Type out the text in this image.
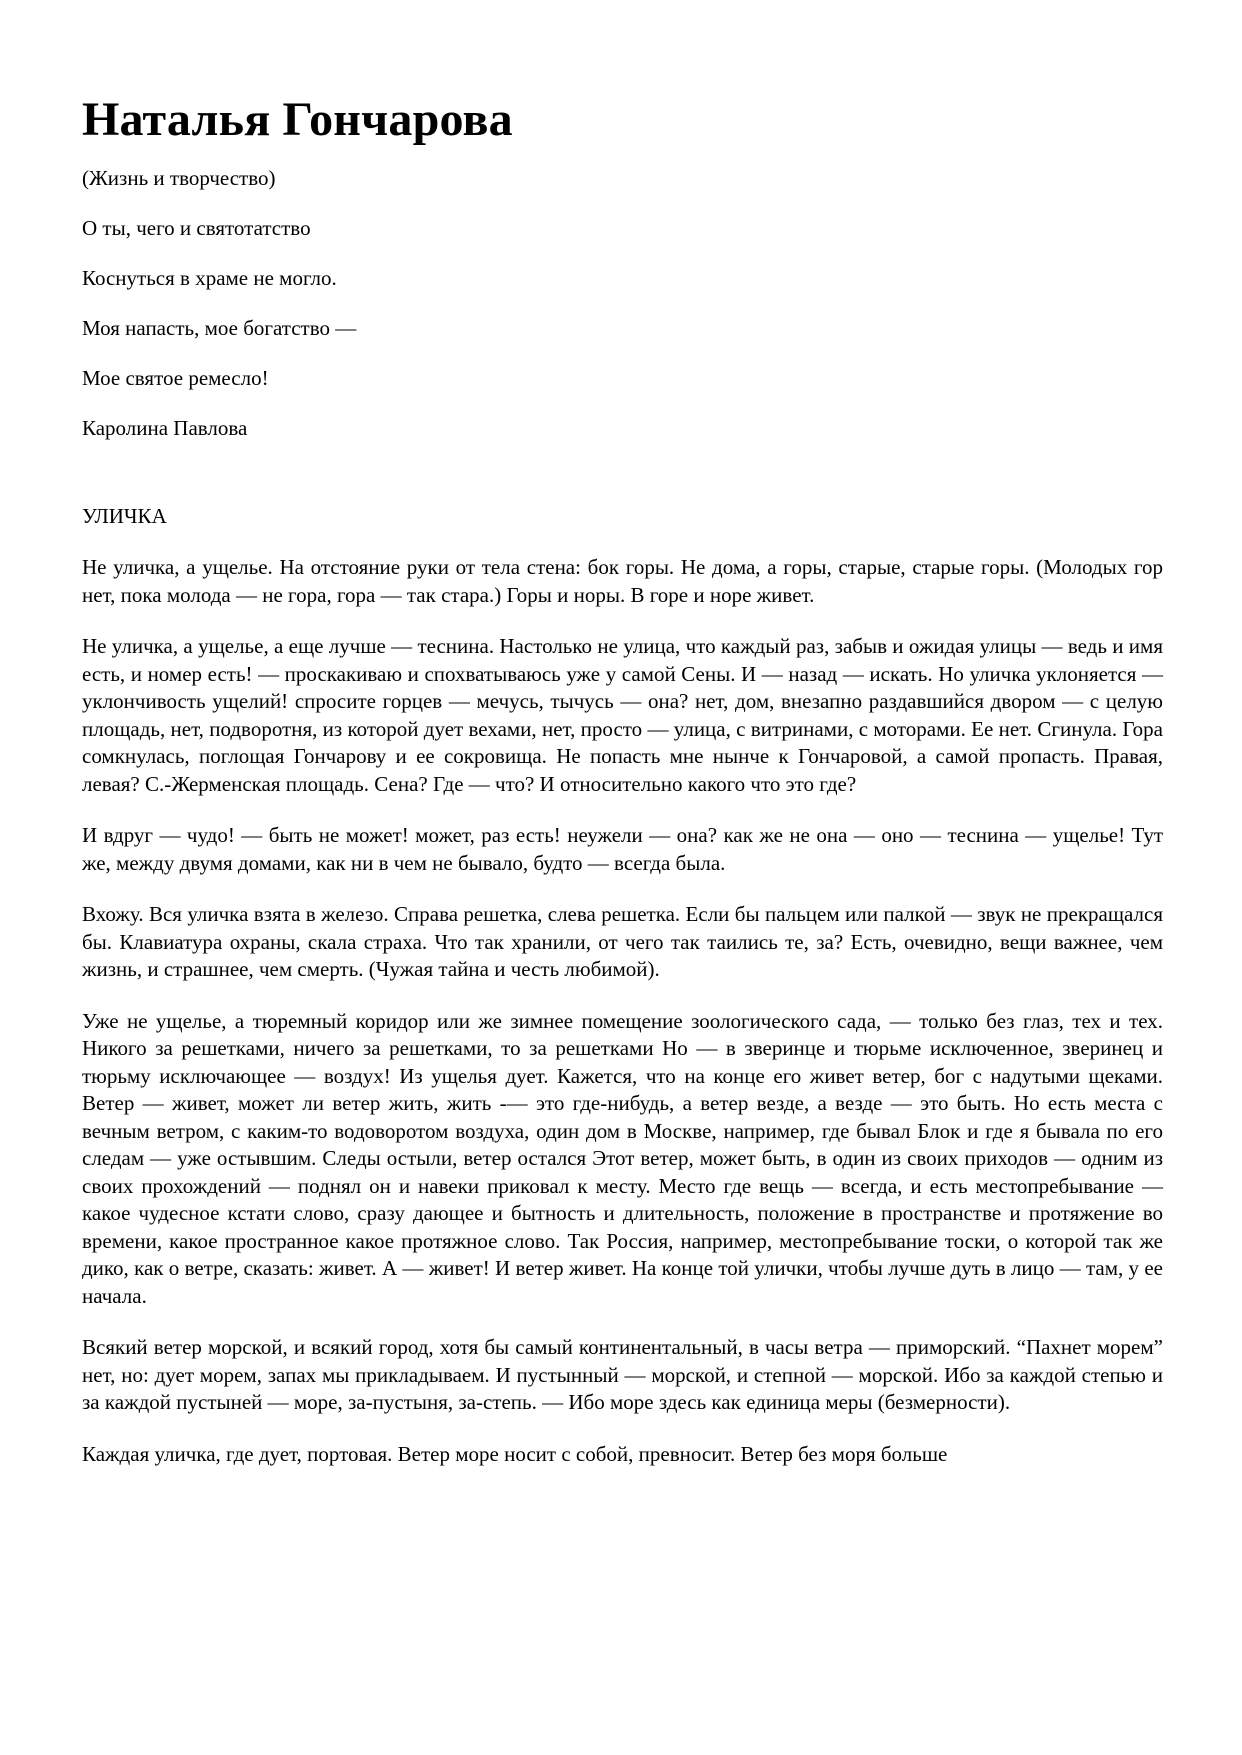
Наталья Гончарова
(Жизнь и творчество)
О ты, чего и святотатство
Коснуться в храме не могло.
Моя напасть, мое богатство —
Мое святое ремесло!
Каролина Павлова
УЛИЧКА

Не уличка, а ущелье. На отстояние руки от тела стена: бок горы. Не дома, а горы, старые, старые горы. (Молодых гор нет, пока молода — не гора, гора — так стара.) Горы и норы. В горе и норе живет.

Не уличка, а ущелье, а еще лучше — теснина. Настолько не улица, что каждый раз, забыв и ожидая улицы — ведь и имя есть, и номер есть! — проскакиваю и спохватываюсь уже у самой Сены. И — назад — искать. Но уличка уклоняется — уклончивость ущелий! спросите горцев — мечусь, тычусь — она? нет, дом, внезапно раздавшийся двором — с целую площадь, нет, подворотня, из которой дует вехами, нет, просто — улица, с витринами, с моторами. Ее нет. Сгинула. Гора сомкнулась, поглощая Гончарову и ее сокровища. Не попасть мне нынче к Гончаровой, а самой пропасть. Правая, левая? С.-Жерменская площадь. Сена? Где — что? И относительно какого что это где?

И вдруг — чудо! — быть не может! может, раз есть! неужели — она? как же не она — оно — теснина — ущелье! Тут же, между двумя домами, как ни в чем не бывало, будто — всегда была.

Вхожу. Вся уличка взята в железо. Справа решетка, слева решетка. Если бы пальцем или палкой — звук не прекращался бы. Клавиатура охраны, скала страха. Что так хранили, от чего так таились те, за? Есть, очевидно, вещи важнее, чем жизнь, и страшнее, чем смерть. (Чужая тайна и честь любимой).

Уже не ущелье, а тюремный коридор или же зимнее помещение зоологического сада, — только без глаз, тех и тех. Никого за решетками, ничего за решетками, то за решетками Но — в зверинце и тюрьме исключенное, зверинец и тюрьму исключающее — воздух! Из ущелья дует. Кажется, что на конце его живет ветер, бог с надутыми щеками. Ветер — живет, может ли ветер жить, жить -— это где-нибудь, а ветер везде, а везде — это быть. Но есть места с вечным ветром, с каким-то водоворотом воздуха, один дом в Москве, например, где бывал Блок и где я бывала по его следам — уже остывшим. Следы остыли, ветер остался Этот ветер, может быть, в один из своих приходов — одним из своих прохождений — поднял он и навеки приковал к месту. Место где вещь — всегда, и есть местопребывание — какое чудесное кстати слово, сразу дающее и бытность и длительность, положение в пространстве и протяжение во времени, какое пространное какое протяжное слово. Так Россия, например, местопребывание тоски, о которой так же дико, как о ветре, сказать: живет. А — живет! И ветер живет. На конце той улички, чтобы лучше дуть в лицо — там, у ее начала.

Всякий ветер морской, и всякий город, хотя бы самый континентальный, в часы ветра — приморский. “Пахнет морем” нет, но: дует морем, запах мы прикладываем. И пустынный — морской, и степной — морской. Ибо за каждой степью и за каждой пустыней — море, за-пустыня, за-степь. — Ибо море здесь как единица меры (безмерности).

Каждая уличка, где дует, портовая. Ветер море носит с собой, превносит. Ветер без моря больше
